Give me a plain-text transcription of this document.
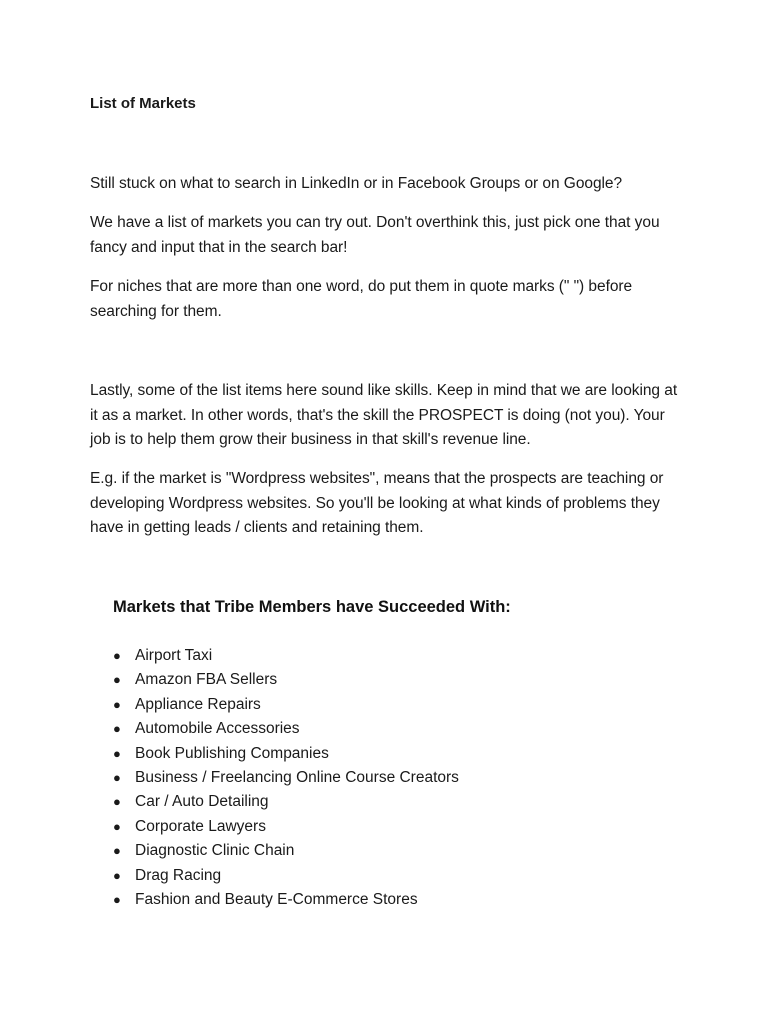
List of Markets

Still stuck on what to search in LinkedIn or in Facebook Groups or on Google?

We have a list of markets you can try out. Don't overthink this, just pick one that you fancy and input that in the search bar!

For niches that are more than one word, do put them in quote marks (" ") before searching for them.

Lastly, some of the list items here sound like skills. Keep in mind that we are looking at it as a market. In other words, that's the skill the PROSPECT is doing (not you). Your job is to help them grow their business in that skill's revenue line.

E.g. if the market is "Wordpress websites", means that the prospects are teaching or developing Wordpress websites. So you'll be looking at what kinds of problems they have in getting leads / clients and retaining them.

Markets that Tribe Members have Succeeded With:
● Airport Taxi
● Amazon FBA Sellers
● Appliance Repairs
● Automobile Accessories
● Book Publishing Companies
● Business / Freelancing Online Course Creators
● Car / Auto Detailing
● Corporate Lawyers
● Diagnostic Clinic Chain
● Drag Racing
● Fashion and Beauty E-Commerce Stores
